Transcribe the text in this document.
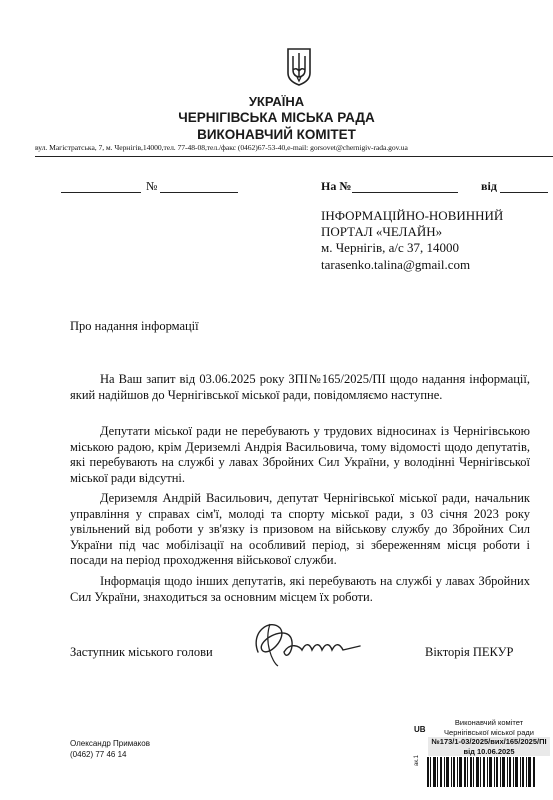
УКРАЇНА
ЧЕРНІГІВСЬКА МІСЬКА РАДА
ВИКОНАВЧИЙ КОМІТЕТ
вул. Магістратська, 7, м. Чернігів,14000,тел. 77-48-08,тел./факс (0462)67-53-40,e-mail: gorsovet@chernigiv-rada.gov.ua
№	На №	від
ІНФОРМАЦІЙНО-НОВИННИЙ
ПОРТАЛ «ЧЕЛАЙН»
м. Чернігів, а/с 37, 14000
tarasenko.talina@gmail.com
Про надання інформації
На Ваш запит від 03.06.2025 року ЗПІ№165/2025/ПІ щодо надання інформації, який надійшов до Чернігівської міської ради, повідомляємо наступне.
Депутати міської ради не перебувають у трудових відносинах із Чернігівською міською радою, крім Дериземлі Андрія Васильовича, тому відомості щодо депутатів, які перебувають на службі у лавах Збройних Сил України, у володінні Чернігівської міської ради відсутні.
Дериземля Андрій Васильович, депутат Чернігівської міської ради, начальник управління у справах сім'ї, молоді та спорту міської ради, з 03 січня 2023 року увільнений від роботи у зв'язку із призовом на військову службу до Збройних Сил України під час мобілізації на особливий період, зі збереженням місця роботи і посади на період проходження військової служби.
Інформація щодо інших депутатів, які перебувають на службі у лавах Збройних Сил України, знаходиться за основним місцем їх роботи.
Заступник міського голови	Вікторія ПЕКУР
Олександр Примаков
(0462) 77 46 14
UB
Виконавчий комітет
Чернігівської міської ради
№173/1-03/2025/вих/165/2025/ПІ
від 10.06.2025
ак.1
